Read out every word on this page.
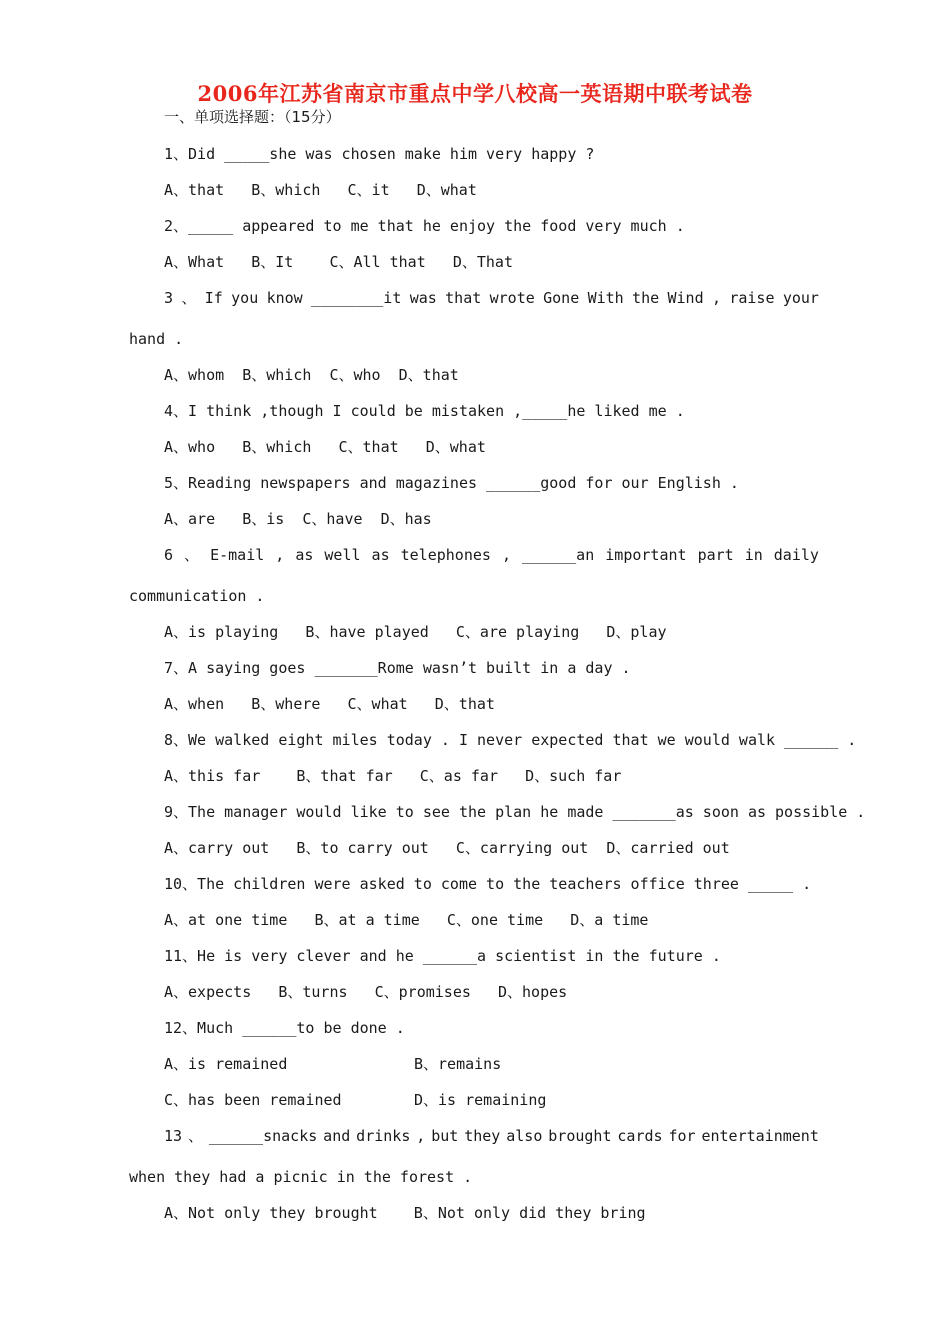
2006年江苏省南京市重点中学八校高一英语期中联考试卷
一、单项选择题：（15分）
1、Did _____she was chosen make him very happy ?
A、that   B、which   C、it   D、what
2、_____ appeared to me that he enjoy the food very much .
A、What   B、It    C、All that   D、That
3 、 If you know ________it was that wrote Gone With the Wind , raise your
hand .
A、whom  B、which  C、who  D、that
4、I think ,though I could be mistaken ,_____he liked me .
A、who   B、which   C、that   D、what
5、Reading newspapers and magazines ______good for our English .
A、are   B、is  C、have  D、has
6 、 E-mail , as well as telephones , ______an important part in daily
communication .
A、is playing   B、have played   C、are playing   D、play
7、A saying goes _______Rome wasn’t built in a day .
A、when   B、where   C、what   D、that
8、We walked eight miles today . I never expected that we would walk ______ .
A、this far    B、that far   C、as far   D、such far
9、The manager would like to see the plan he made _______as soon as possible .
A、carry out   B、to carry out   C、carrying out  D、carried out
10、The children were asked to come to the teachers office three _____ .
A、at one time   B、at a time   C、one time   D、a time
11、He is very clever and he ______a scientist in the future .
A、expects   B、turns   C、promises   D、hopes
12、Much ______to be done .
A、is remained	B、remains
C、has been remained	D、is remaining
13 、 ______snacks and drinks , but they also brought cards for entertainment
when they had a picnic in the forest .
A、Not only they brought    B、Not only did they bring
